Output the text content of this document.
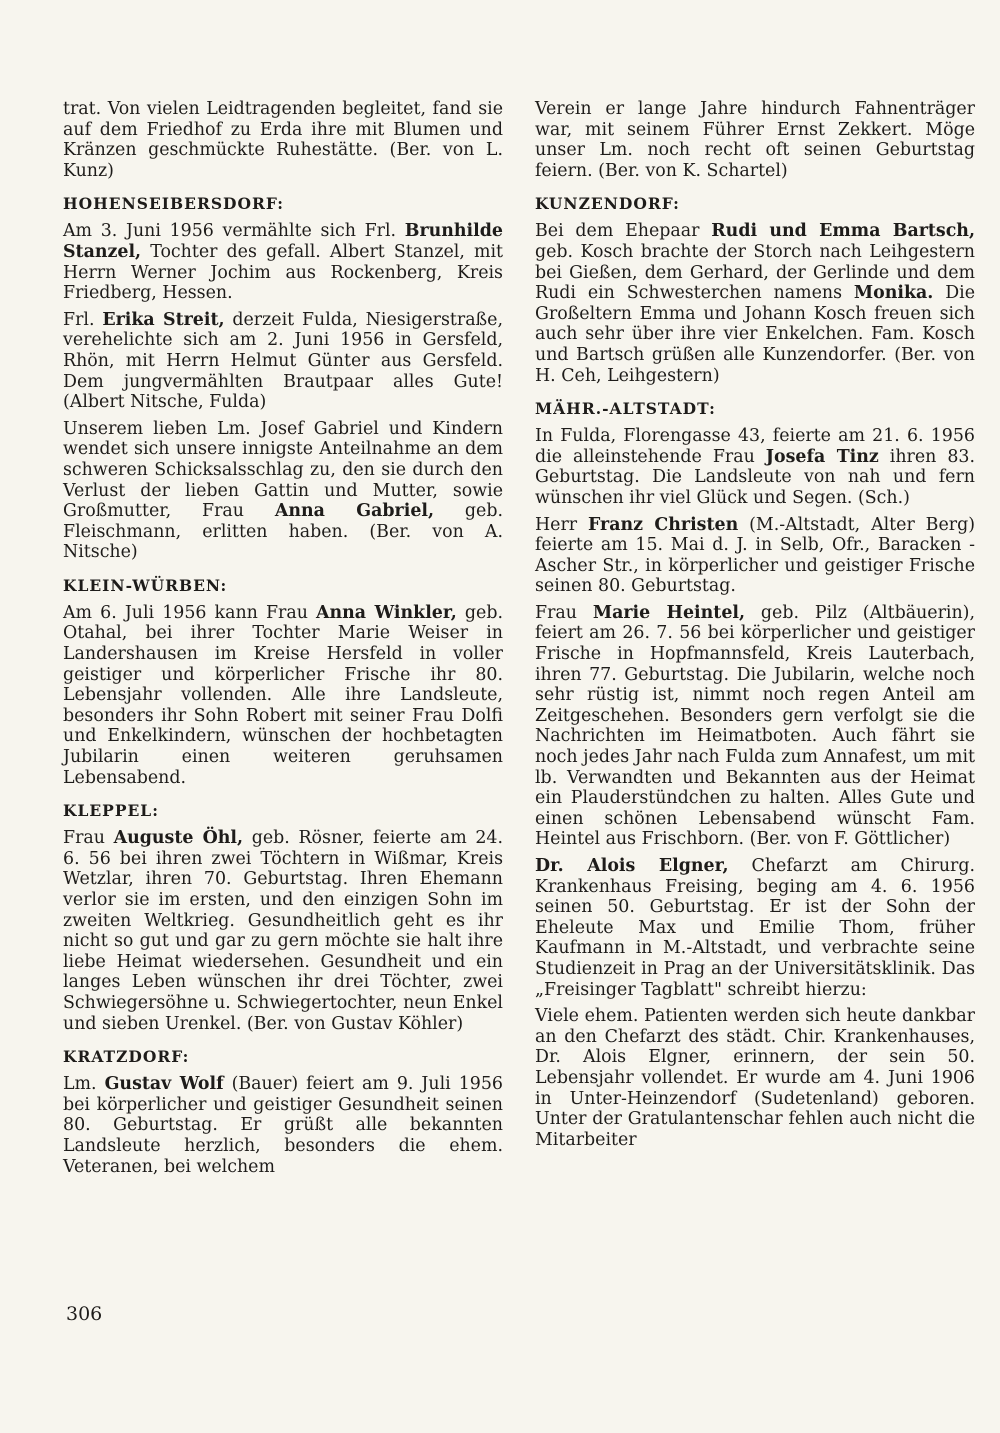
trat. Von vielen Leidtragenden begleitet, fand sie auf dem Friedhof zu Erda ihre mit Blumen und Kränzen geschmückte Ruhestätte. (Ber. von L. Kunz)

HOHENSEIBERSDORF:

Am 3. Juni 1956 vermählte sich Frl. Brunhilde Stanzel, Tochter des gefall. Albert Stanzel, mit Herrn Werner Jochim aus Rockenberg, Kreis Friedberg, Hessen.

Frl. Erika Streit, derzeit Fulda, Niesigerstraße, verehelichte sich am 2. Juni 1956 in Gersfeld, Rhön, mit Herrn Helmut Günter aus Gersfeld. Dem jungvermählten Brautpaar alles Gute! (Albert Nitsche, Fulda)

Unserem lieben Lm. Josef Gabriel und Kindern wendet sich unsere innigste Anteilnahme an dem schweren Schicksalsschlag zu, den sie durch den Verlust der lieben Gattin und Mutter, sowie Großmutter, Frau Anna Gabriel, geb. Fleischmann, erlitten haben. (Ber. von A. Nitsche)

KLEIN-WÜRBEN:

Am 6. Juli 1956 kann Frau Anna Winkler, geb. Otahal, bei ihrer Tochter Marie Weiser in Landershausen im Kreise Hersfeld in voller geistiger und körperlicher Frische ihr 80. Lebensjahr vollenden. Alle ihre Landsleute, besonders ihr Sohn Robert mit seiner Frau Dolfi und Enkelkindern, wünschen der hochbetagten Jubilarin einen weiteren geruhsamen Lebensabend.

KLEPPEL:

Frau Auguste Öhl, geb. Rösner, feierte am 24. 6. 56 bei ihren zwei Töchtern in Wißmar, Kreis Wetzlar, ihren 70. Geburtstag. Ihren Ehemann verlor sie im ersten, und den einzigen Sohn im zweiten Weltkrieg. Gesundheitlich geht es ihr nicht so gut und gar zu gern möchte sie halt ihre liebe Heimat wiedersehen. Gesundheit und ein langes Leben wünschen ihr drei Töchter, zwei Schwiegersöhne u. Schwiegertochter, neun Enkel und sieben Urenkel. (Ber. von Gustav Köhler)

KRATZDORF:

Lm. Gustav Wolf (Bauer) feiert am 9. Juli 1956 bei körperlicher und geistiger Gesundheit seinen 80. Geburtstag. Er grüßt alle bekannten Landsleute herzlich, besonders die ehem. Veteranen, bei welchem

Verein er lange Jahre hindurch Fahnenträger war, mit seinem Führer Ernst Zekkert. Möge unser Lm. noch recht oft seinen Geburtstag feiern. (Ber. von K. Schartel)

KUNZENDORF:

Bei dem Ehepaar Rudi und Emma Bartsch, geb. Kosch brachte der Storch nach Leihgestern bei Gießen, dem Gerhard, der Gerlinde und dem Rudi ein Schwesterchen namens Monika. Die Großeltern Emma und Johann Kosch freuen sich auch sehr über ihre vier Enkelchen. Fam. Kosch und Bartsch grüßen alle Kunzendorfer. (Ber. von H. Ceh, Leihgestern)

MÄHR.-ALTSTADT:

In Fulda, Florengasse 43, feierte am 21. 6. 1956 die alleinstehende Frau Josefa Tinz ihren 83. Geburtstag. Die Landsleute von nah und fern wünschen ihr viel Glück und Segen. (Sch.)

Herr Franz Christen (M.-Altstadt, Alter Berg) feierte am 15. Mai d. J. in Selb, Ofr., Baracken - Ascher Str., in körperlicher und geistiger Frische seinen 80. Geburtstag.

Frau Marie Heintel, geb. Pilz (Altbäuerin), feiert am 26. 7. 56 bei körperlicher und geistiger Frische in Hopfmannsfeld, Kreis Lauterbach, ihren 77. Geburtstag. Die Jubilarin, welche noch sehr rüstig ist, nimmt noch regen Anteil am Zeitgeschehen. Besonders gern verfolgt sie die Nachrichten im Heimatboten. Auch fährt sie noch jedes Jahr nach Fulda zum Annafest, um mit lb. Verwandten und Bekannten aus der Heimat ein Plauderstündchen zu halten. Alles Gute und einen schönen Lebensabend wünscht Fam. Heintel aus Frischborn. (Ber. von F. Göttlicher)

Dr. Alois Elgner, Chefarzt am Chirurg. Krankenhaus Freising, beging am 4. 6. 1956 seinen 50. Geburtstag. Er ist der Sohn der Eheleute Max und Emilie Thom, früher Kaufmann in M.-Altstadt, und verbrachte seine Studienzeit in Prag an der Universitätsklinik. Das „Freisinger Tagblatt" schreibt hierzu:

Viele ehem. Patienten werden sich heute dankbar an den Chefarzt des städt. Chir. Krankenhauses, Dr. Alois Elgner, erinnern, der sein 50. Lebensjahr vollendet. Er wurde am 4. Juni 1906 in Unter-Heinzendorf (Sudetenland) geboren. Unter der Gratulantenschar fehlen auch nicht die Mitarbeiter

306
